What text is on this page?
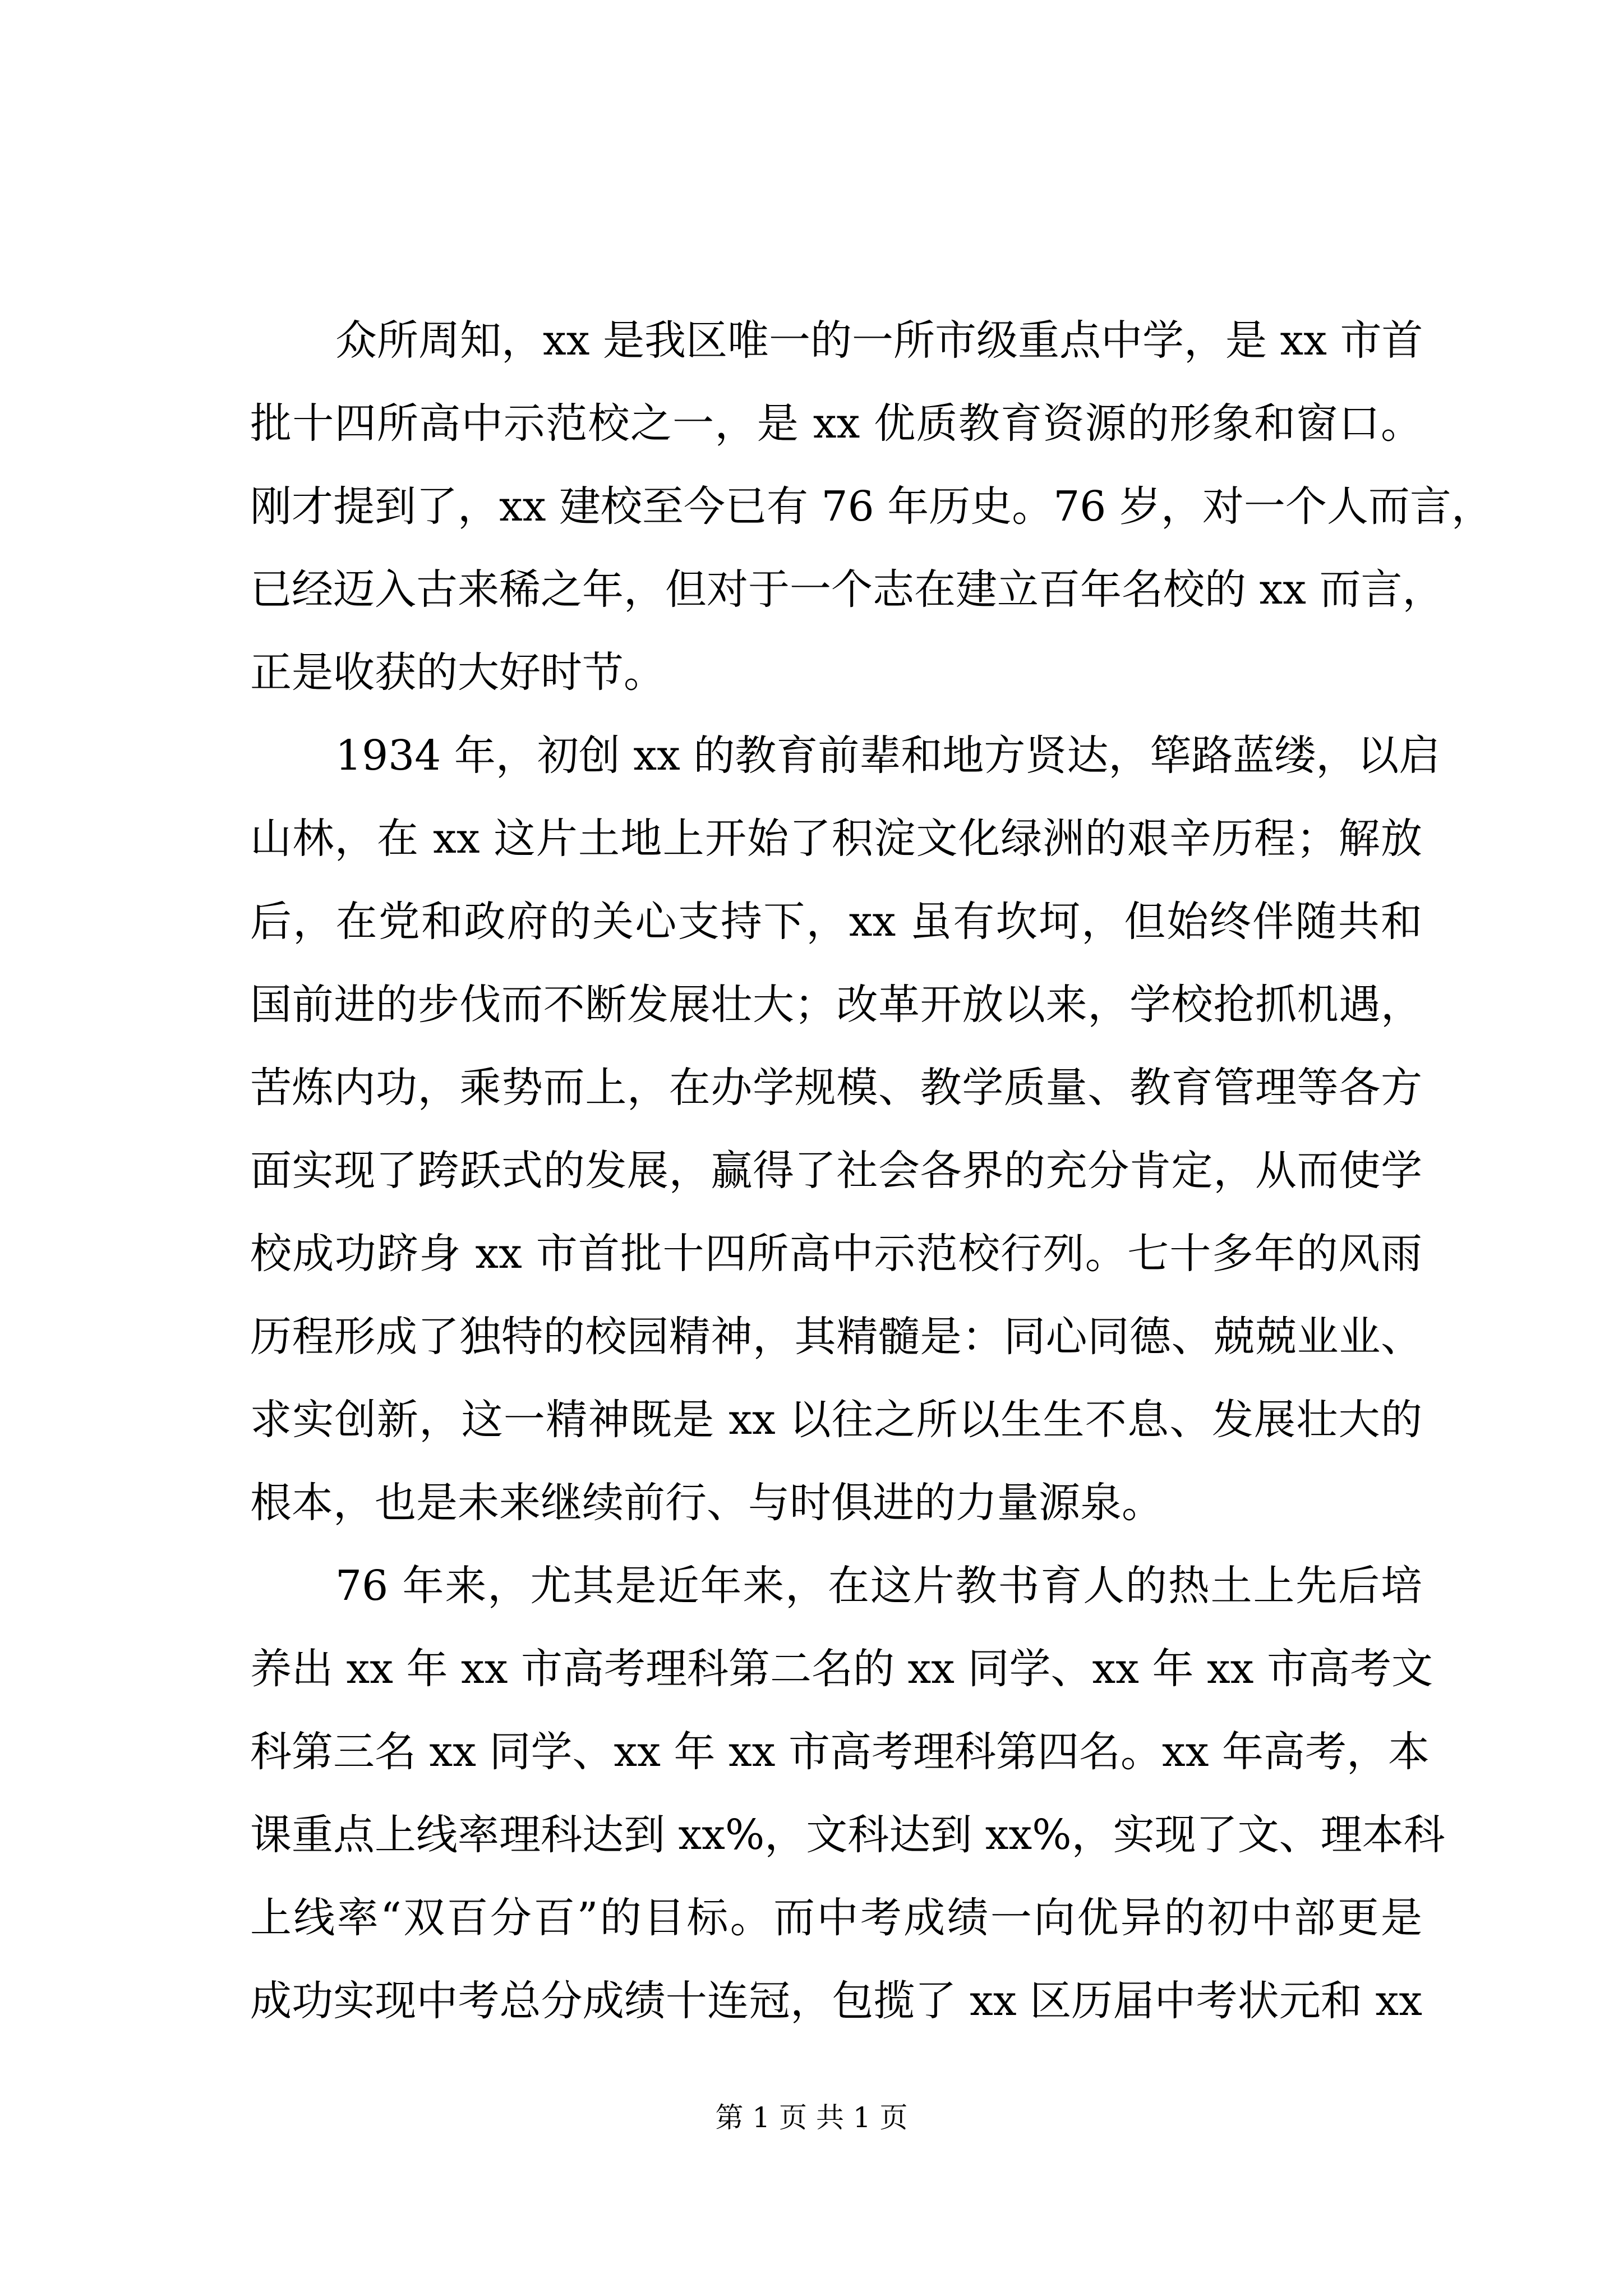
众所周知，xx 是我区唯一的一所市级重点中学，是 xx 市首
批十四所高中示范校之一，是 xx 优质教育资源的形象和窗口。
刚才提到了，xx 建校至今已有 76 年历史。76 岁，对一个人而言，
已经迈入古来稀之年，但对于一个志在建立百年名校的 xx 而言，
正是收获的大好时节。
1934 年，初创 xx 的教育前辈和地方贤达，筚路蓝缕，以启
山林，在 xx 这片土地上开始了积淀文化绿洲的艰辛历程；解放
后，在党和政府的关心支持下，xx 虽有坎坷，但始终伴随共和
国前进的步伐而不断发展壮大；改革开放以来，学校抢抓机遇，
苦炼内功，乘势而上，在办学规模、教学质量、教育管理等各方
面实现了跨跃式的发展，赢得了社会各界的充分肯定，从而使学
校成功跻身 xx 市首批十四所高中示范校行列。七十多年的风雨
历程形成了独特的校园精神，其精髓是：同心同德、兢兢业业、
求实创新，这一精神既是 xx 以往之所以生生不息、发展壮大的
根本，也是未来继续前行、与时俱进的力量源泉。
76 年来，尤其是近年来，在这片教书育人的热土上先后培
养出 xx 年 xx 市高考理科第二名的 xx 同学、xx 年 xx 市高考文
科第三名 xx 同学、xx 年 xx 市高考理科第四名。xx 年高考，本
课重点上线率理科达到 xx%，文科达到 xx%，实现了文、理本科
上线率“双百分百”的目标。而中考成绩一向优异的初中部更是
成功实现中考总分成绩十连冠，包揽了 xx 区历届中考状元和 xx
第 1 页 共 1 页
